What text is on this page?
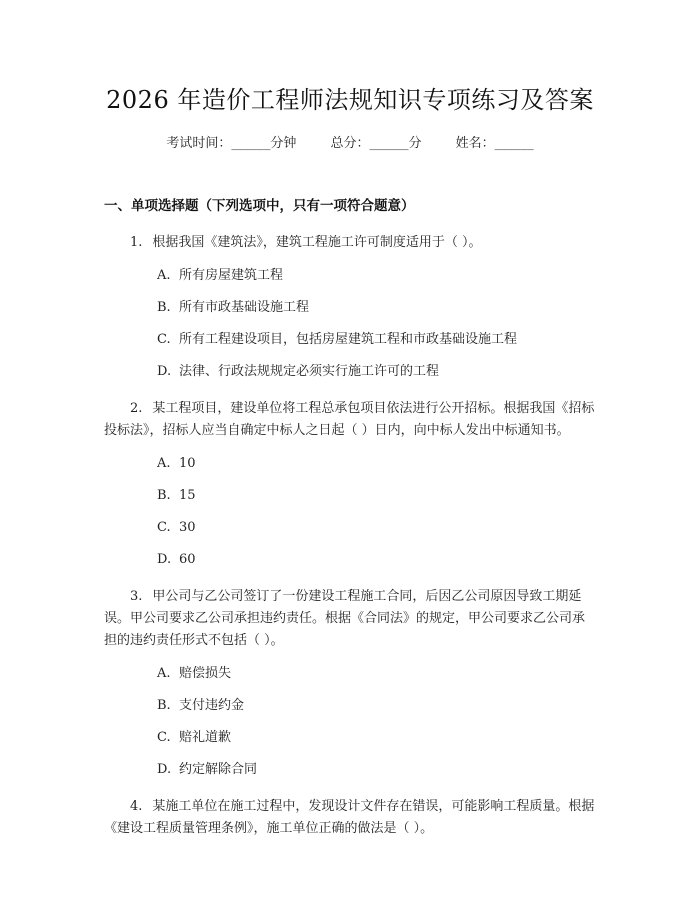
2026 年造价工程师法规知识专项练习及答案
考试时间：______分钟	总分：______分	姓名：______
一、单项选择题（下列选项中，只有一项符合题意）
1. 根据我国《建筑法》，建筑工程施工许可制度适用于（ ）。
A. 所有房屋建筑工程
B. 所有市政基础设施工程
C. 所有工程建设项目，包括房屋建筑工程和市政基础设施工程
D. 法律、行政法规规定必须实行施工许可的工程
2. 某工程项目，建设单位将工程总承包项目依法进行公开招标。根据我国《招标投标法》，招标人应当自确定中标人之日起（ ）日内，向中标人发出中标通知书。
A. 10
B. 15
C. 30
D. 60
3. 甲公司与乙公司签订了一份建设工程施工合同，后因乙公司原因导致工期延误。甲公司要求乙公司承担违约责任。根据《合同法》的规定，甲公司要求乙公司承担的违约责任形式不包括（ ）。
A. 赔偿损失
B. 支付违约金
C. 赔礼道歉
D. 约定解除合同
4. 某施工单位在施工过程中，发现设计文件存在错误，可能影响工程质量。根据《建设工程质量管理条例》，施工单位正确的做法是（ ）。
